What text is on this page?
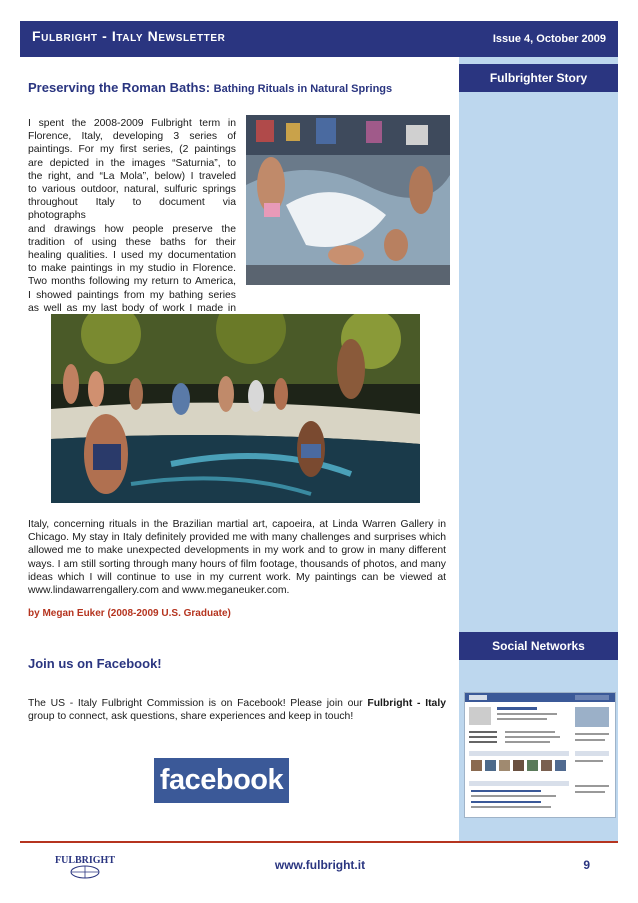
Fulbright - Italy Newsletter	Issue 4, October 2009
Fulbrighter Story
Social Networks
Preserving the Roman Baths: Bathing Rituals in Natural Springs
I spent the 2008-2009 Fulbright term in
Florence, Italy, developing 3 series of
paintings. For my first series, (2 paintings
are depicted in the images “Saturnia”, to
the right, and “La Mola”, below) I traveled
to various outdoor, natural, sulfuric springs
throughout Italy to document via photographs
and drawings how people preserve the
tradition of using these baths for their
healing qualities. I used my documentation
to make paintings in my studio in Florence.
Two months following my return to America,
I showed paintings from my bathing series
as well as my last body of work I made in
Italy, concerning rituals in the Brazilian martial art, capoeira, at Linda Warren Gallery in Chicago. My stay in Italy definitely provided me with many challenges and surprises which allowed me to make unexpected developments in my work and to grow in many different ways. I am still sorting through many hours of film footage, thousands of photos, and many ideas which I will continue to use in my current work. My paintings can be viewed at www.lindawarrengallery.com and www.meganeuker.com.
by Megan Euker (2008-2009 U.S. Graduate)
Join us on Facebook!
The US - Italy Fulbright Commission is on Facebook! Please join our Fulbright - Italy group to connect, ask questions, share experiences and keep in touch!
facebook
FULBRIGHT	www.fulbright.it	9
